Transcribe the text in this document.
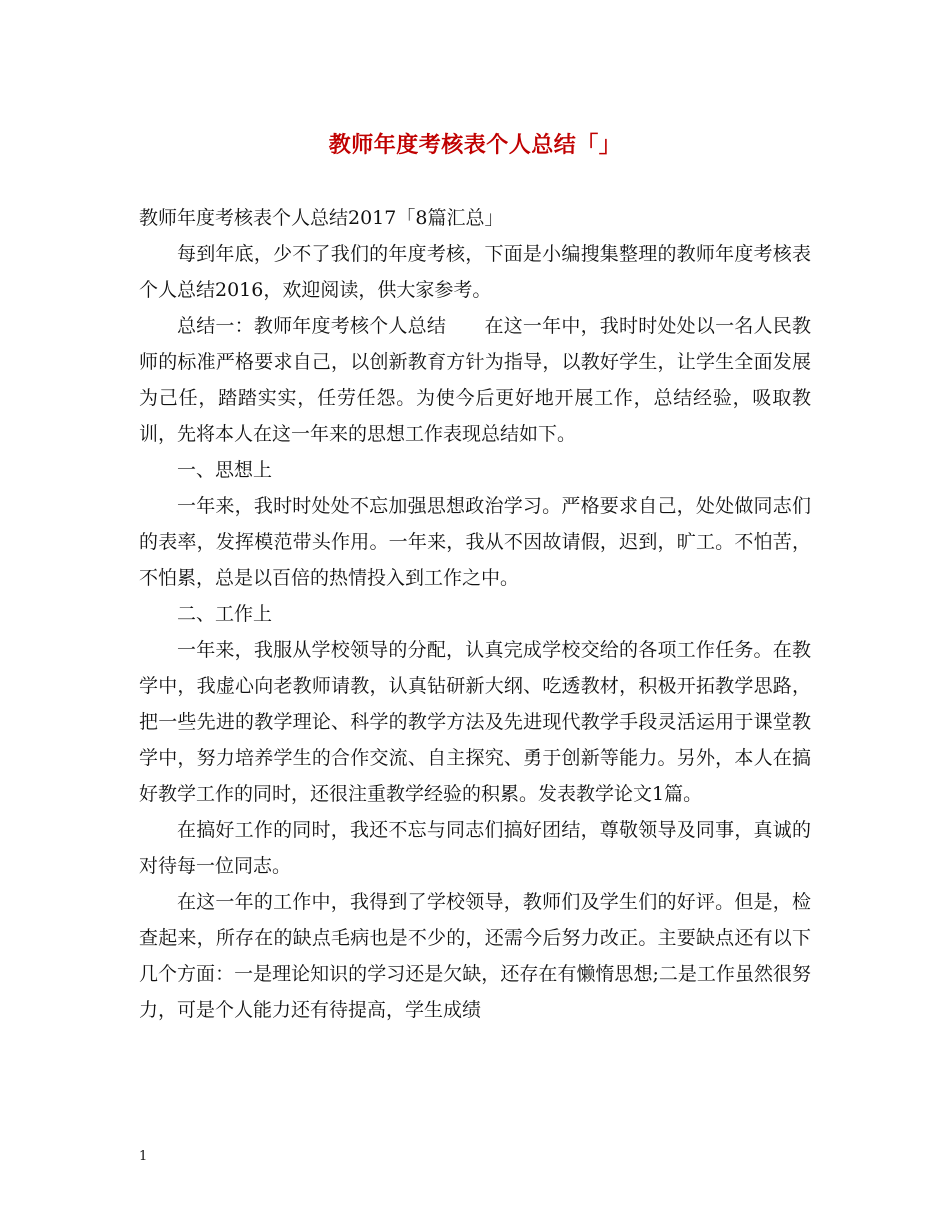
教师年度考核表个人总结「」

教师年度考核表个人总结2017「8篇汇总」

每到年底，少不了我们的年度考核，下面是小编搜集整理的教师年度考核表个人总结2016，欢迎阅读，供大家参考。

总结一：教师年度考核个人总结　　在这一年中，我时时处处以一名人民教师的标准严格要求自己，以创新教育方针为指导，以教好学生，让学生全面发展为己任，踏踏实实，任劳任怨。为使今后更好地开展工作，总结经验，吸取教训，先将本人在这一年来的思想工作表现总结如下。

一、思想上

一年来，我时时处处不忘加强思想政治学习。严格要求自己，处处做同志们的表率，发挥模范带头作用。一年来，我从不因故请假，迟到，旷工。不怕苦，不怕累，总是以百倍的热情投入到工作之中。

二、工作上

一年来，我服从学校领导的分配，认真完成学校交给的各项工作任务。在教学中，我虚心向老教师请教，认真钻研新大纲、吃透教材，积极开拓教学思路，把一些先进的教学理论、科学的教学方法及先进现代教学手段灵活运用于课堂教学中，努力培养学生的合作交流、自主探究、勇于创新等能力。另外，本人在搞好教学工作的同时，还很注重教学经验的积累。发表教学论文1篇。

在搞好工作的同时，我还不忘与同志们搞好团结，尊敬领导及同事，真诚的对待每一位同志。

在这一年的工作中，我得到了学校领导，教师们及学生们的好评。但是，检查起来，所存在的缺点毛病也是不少的，还需今后努力改正。主要缺点还有以下几个方面：一是理论知识的学习还是欠缺，还存在有懒惰思想;二是工作虽然很努力，可是个人能力还有待提高，学生成绩

1
